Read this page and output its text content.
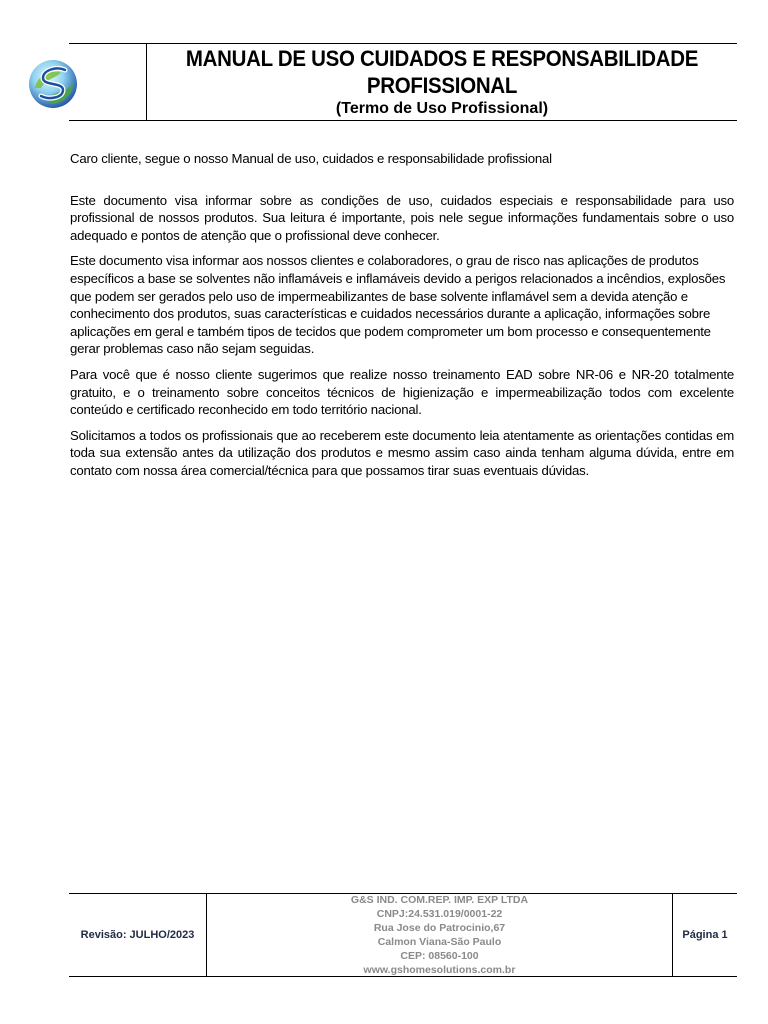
MANUAL DE USO CUIDADOS E RESPONSABILIDADE PROFISSIONAL

(Termo de Uso Profissional)

Caro cliente, segue o nosso Manual de uso, cuidados e responsabilidade profissional

Este documento visa informar sobre as condições de uso, cuidados especiais e responsabilidade para uso profissional de nossos produtos. Sua leitura é importante, pois nele segue informações fundamentais sobre o uso adequado e pontos de atenção que o profissional deve conhecer.

Este documento visa informar aos nossos clientes e colaboradores, o grau de risco nas aplicações de produtos específicos a base se solventes não inflamáveis e inflamáveis devido a perigos relacionados a incêndios, explosões que podem ser gerados pelo uso de impermeabilizantes de base solvente inflamável sem a devida atenção e conhecimento dos produtos, suas características e cuidados necessários durante a aplicação, informações sobre aplicações em geral e também tipos de tecidos que podem comprometer um bom processo e consequentemente gerar problemas caso não sejam seguidas.

Para você que é nosso cliente sugerimos que realize nosso treinamento EAD sobre NR-06 e NR-20 totalmente gratuito, e o treinamento sobre conceitos técnicos de higienização e impermeabilização todos com excelente conteúdo e certificado reconhecido em todo território nacional.

Solicitamos a todos os profissionais que ao receberem este documento leia atentamente as orientações contidas em toda sua extensão antes da utilização dos produtos e mesmo assim caso ainda tenham alguma dúvida, entre em contato com nossa área comercial/técnica para que possamos tirar suas eventuais dúvidas.

Revisão: JULHO/2023
G&S IND. COM.REP. IMP. EXP LTDA
CNPJ:24.531.019/0001-22
Rua Jose do Patrocinio,67
Calmon Viana-São Paulo
CEP: 08560-100
www.gshomesolutions.com.br
Página 1
